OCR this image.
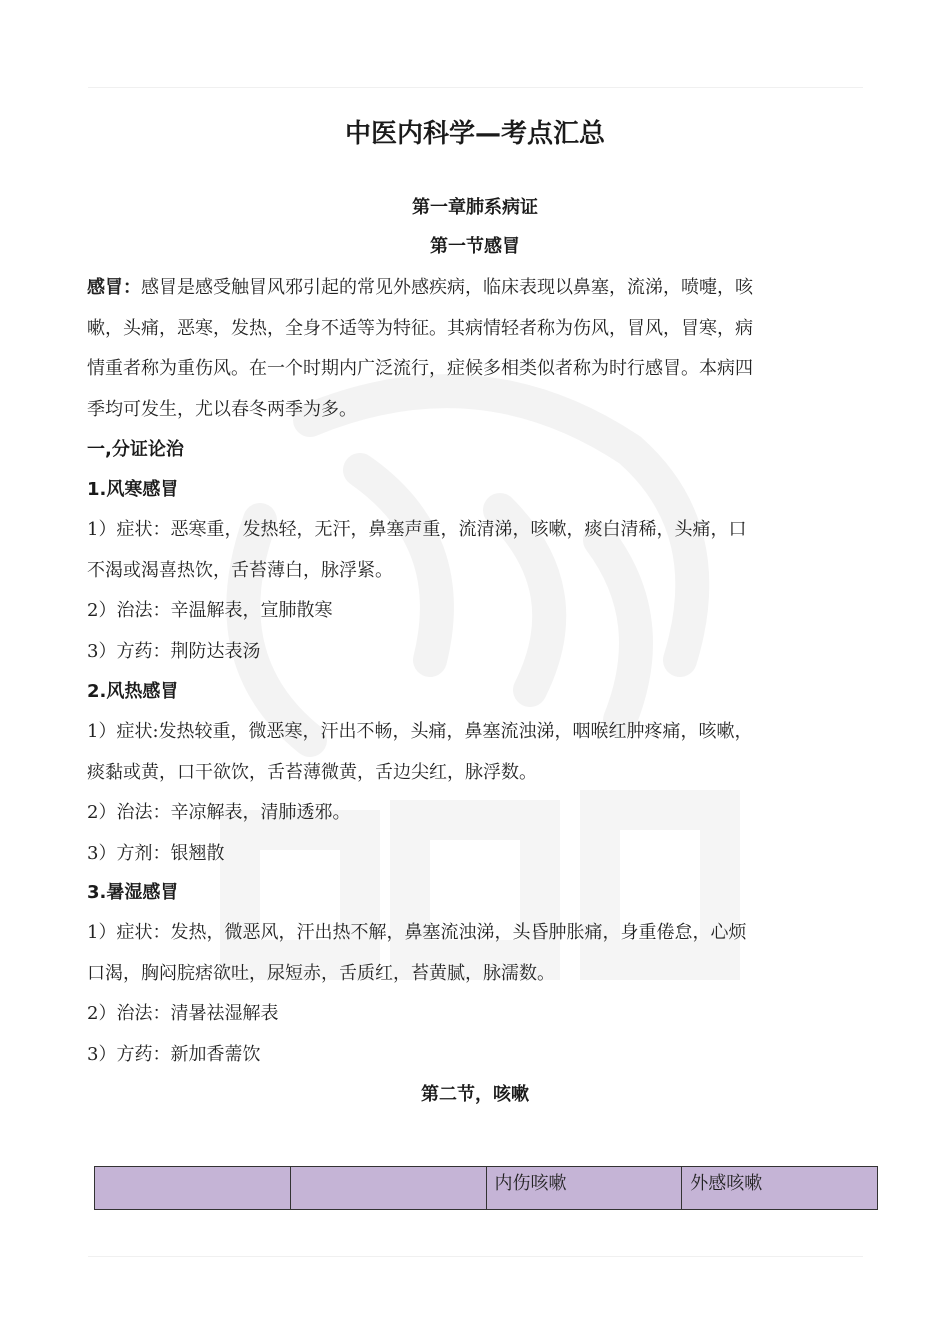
中医内科学—考点汇总
第一章肺系病证
第一节感冒
感冒：感冒是感受触冒风邪引起的常见外感疾病，临床表现以鼻塞，流涕，喷嚏，咳
嗽，头痛，恶寒，发热，全身不适等为特征。其病情轻者称为伤风，冒风，冒寒，病
情重者称为重伤风。在一个时期内广泛流行，症候多相类似者称为时行感冒。本病四
季均可发生，尤以春冬两季为多。
一,分证论治
1.风寒感冒
1）症状：恶寒重，发热轻，无汗，鼻塞声重，流清涕，咳嗽，痰白清稀，头痛，口
不渴或渴喜热饮，舌苔薄白，脉浮紧。
2）治法：辛温解表，宣肺散寒
3）方药：荆防达表汤
2.风热感冒
1）症状:发热较重，微恶寒，汗出不畅，头痛，鼻塞流浊涕，咽喉红肿疼痛，咳嗽，
痰黏或黄，口干欲饮，舌苔薄微黄，舌边尖红，脉浮数。
2）治法：辛凉解表，清肺透邪。
3）方剂：银翘散
3.暑湿感冒
1）症状：发热，微恶风，汗出热不解，鼻塞流浊涕，头昏肿胀痛，身重倦怠，心烦
口渴，胸闷脘痞欲吐，尿短赤，舌质红，苔黄腻，脉濡数。
2）治法：清暑祛湿解表
3）方药：新加香薷饮
第二节，咳嗽
		内伤咳嗽	外感咳嗽
